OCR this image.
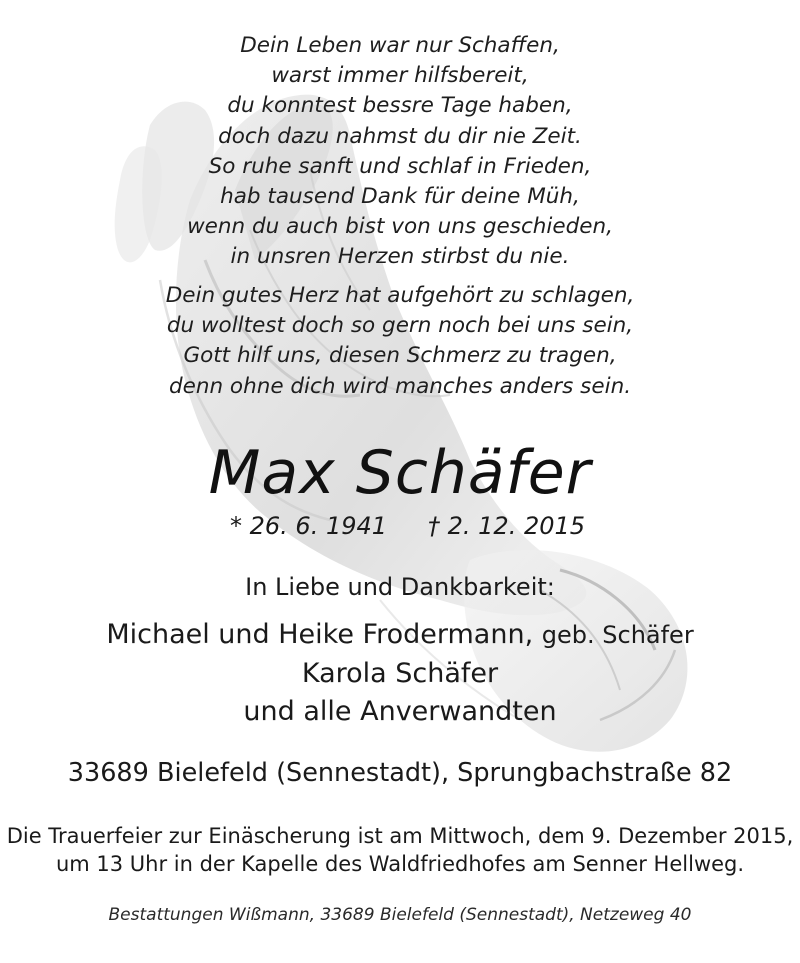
Dein Leben war nur Schaffen,
warst immer hilfsbereit,
du konntest bessre Tage haben,
doch dazu nahmst du dir nie Zeit.
So ruhe sanft und schlaf in Frieden,
hab tausend Dank für deine Müh,
wenn du auch bist von uns geschieden,
in unsren Herzen stirbst du nie.
Dein gutes Herz hat aufgehört zu schlagen,
du wolltest doch so gern noch bei uns sein,
Gott hilf uns, diesen Schmerz zu tragen,
denn ohne dich wird manches anders sein.
Max Schäfer
* 26. 6. 1941 † 2. 12. 2015
In Liebe und Dankbarkeit:
Michael und Heike Frodermann, geb. Schäfer
Karola Schäfer
und alle Anverwandten
33689 Bielefeld (Sennestadt), Sprungbachstraße 82
Die Trauerfeier zur Einäscherung ist am Mittwoch, dem 9. Dezember 2015,
um 13 Uhr in der Kapelle des Waldfriedhofes am Senner Hellweg.
Bestattungen Wißmann, 33689 Bielefeld (Sennestadt), Netzeweg 40
